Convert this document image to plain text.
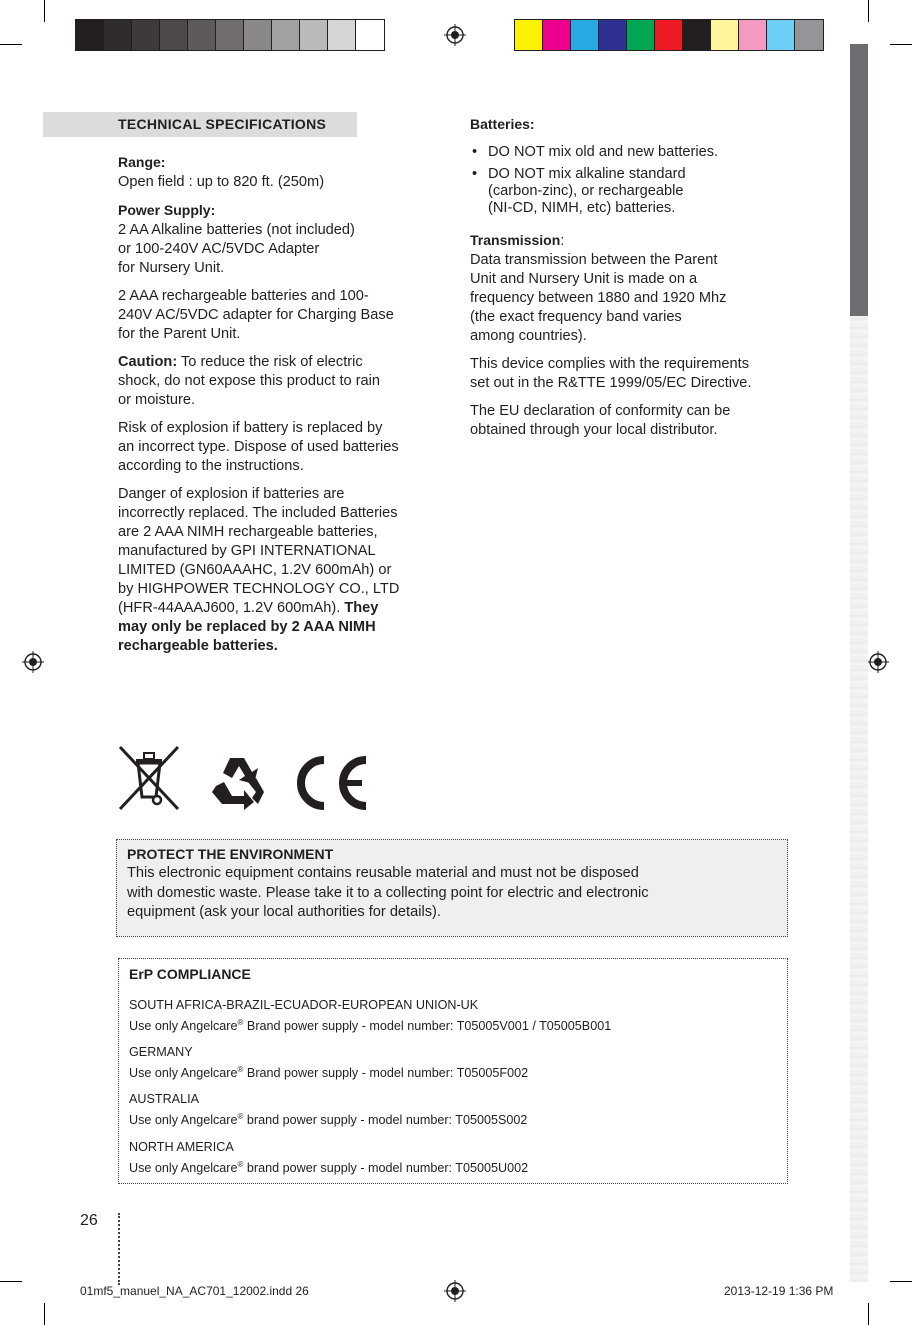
TECHNICAL SPECIFICATIONS

Range:
Open field : up to 820 ft. (250m)

Power Supply:
2 AA Alkaline batteries (not included)
or 100-240V AC/5VDC Adapter
for Nursery Unit.

2 AAA rechargeable batteries and 100-
240V AC/5VDC adapter for Charging Base
for the Parent Unit.

Caution: To reduce the risk of electric
shock, do not expose this product to rain
or moisture.

Risk of explosion if battery is replaced by
an incorrect type. Dispose of used batteries
according to the instructions.

Danger of explosion if batteries are
incorrectly replaced. The included Batteries
are 2 AAA NIMH rechargeable batteries,
manufactured by GPI INTERNATIONAL
LIMITED (GN60AAAHC, 1.2V 600mAh) or
by HIGHPOWER TECHNOLOGY CO., LTD
(HFR-44AAAJ600, 1.2V 600mAh). They
may only be replaced by 2 AAA NIMH
rechargeable batteries.

Batteries:

• DO NOT mix old and new batteries.
• DO NOT mix alkaline standard
(carbon-zinc), or rechargeable
(NI-CD, NIMH, etc) batteries.

Transmission:
Data transmission between the Parent
Unit and Nursery Unit is made on a
frequency between 1880 and 1920 Mhz
(the exact frequency band varies
among countries).

This device complies with the requirements
set out in the R&TTE 1999/05/EC Directive.

The EU declaration of conformity can be
obtained through your local distributor.

PROTECT THE ENVIRONMENT
This electronic equipment contains reusable material and must not be disposed
with domestic waste. Please take it to a collecting point for electric and electronic
equipment (ask your local authorities for details).
ErP COMPLIANCE
SOUTH AFRICA-BRAZIL-ECUADOR-EUROPEAN UNION-UK
Use only Angelcare® Brand power supply - model number: T05005V001 / T05005B001
GERMANY
Use only Angelcare® Brand power supply - model number: T05005F002
AUSTRALIA
Use only Angelcare® brand power supply - model number: T05005S002
NORTH AMERICA
Use only Angelcare® brand power supply - model number: T05005U002
26
01mf5_manuel_NA_AC701_12002.indd 26	2013-12-19 1:36 PM
